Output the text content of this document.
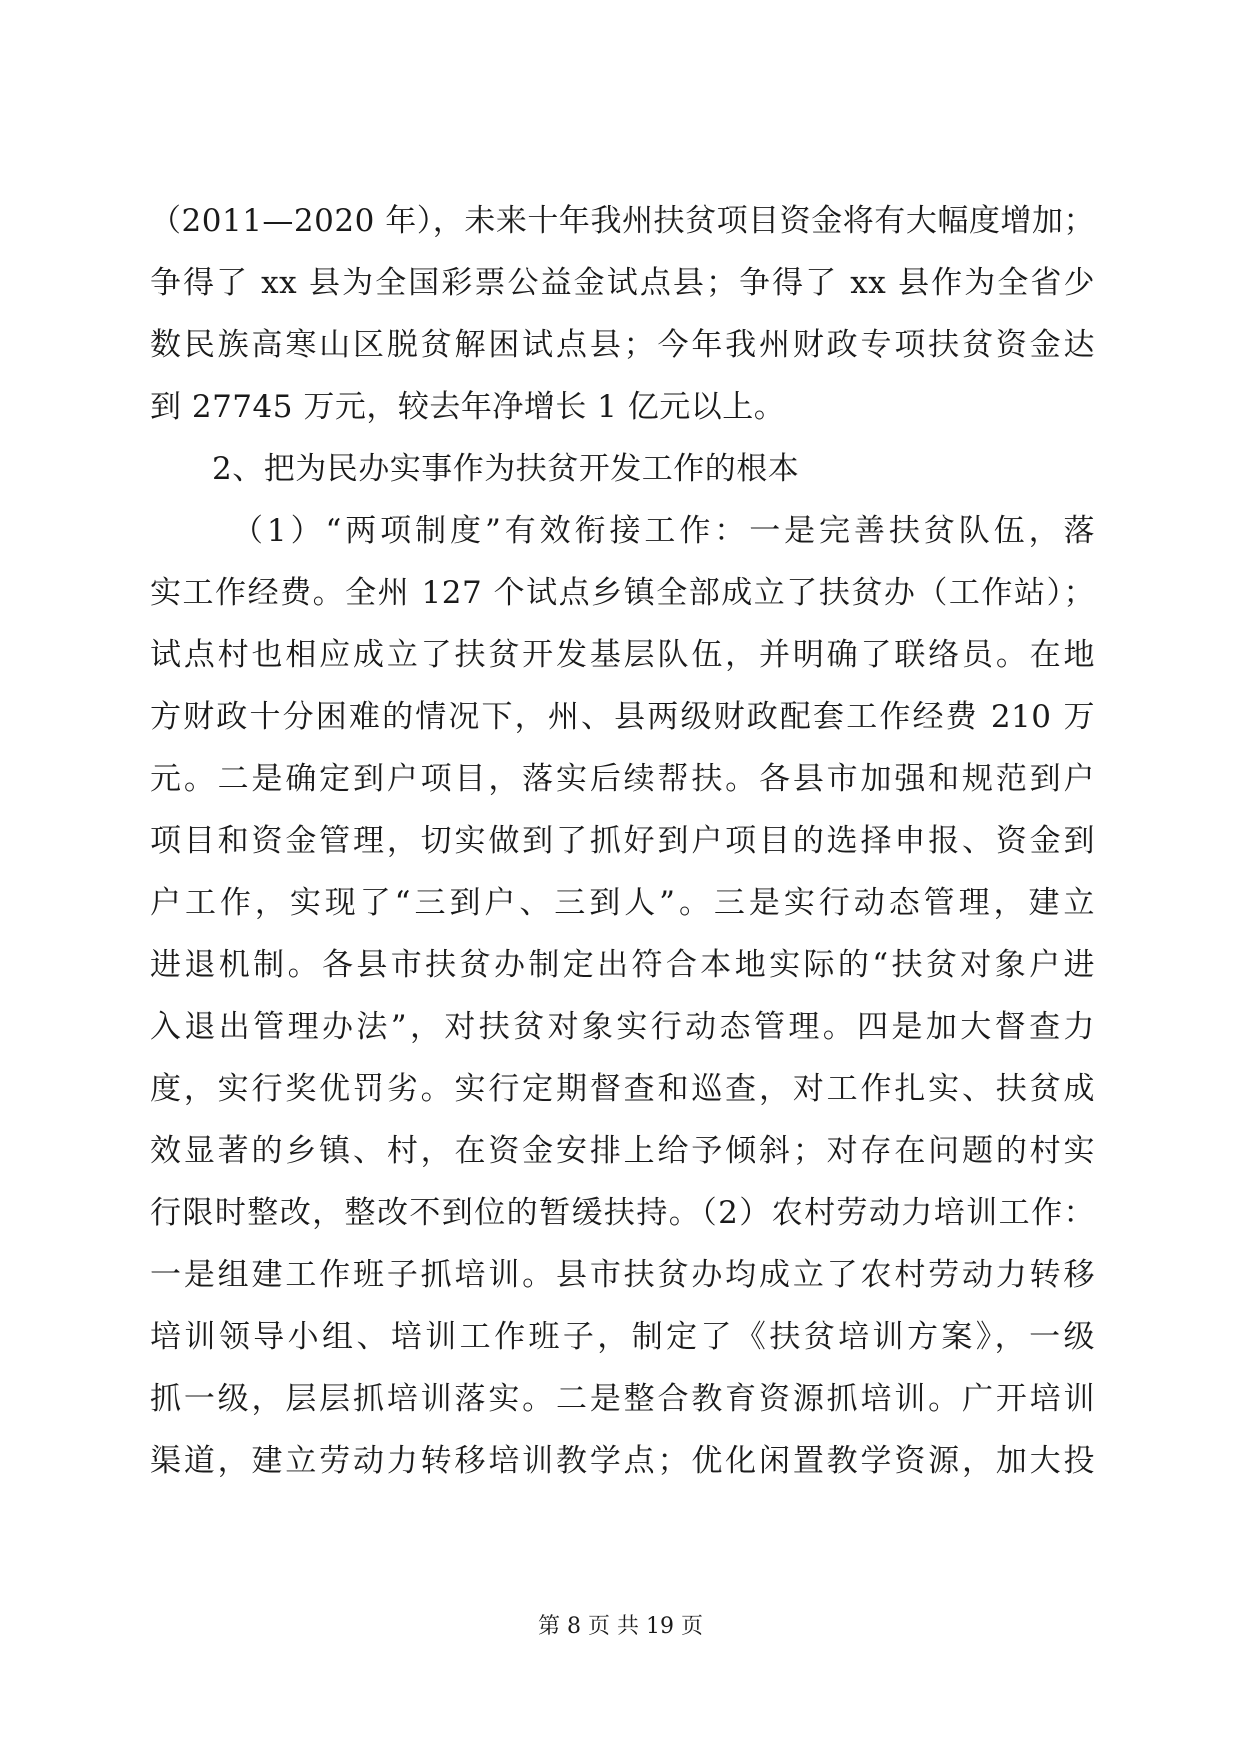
（2011—2020 年），未来十年我州扶贫项目资金将有大幅度增加；
争得了 xx 县为全国彩票公益金试点县；争得了 xx 县作为全省少
数民族高寒山区脱贫解困试点县；今年我州财政专项扶贫资金达
到 27745 万元，较去年净增长 1 亿元以上。
2、把为民办实事作为扶贫开发工作的根本
（1）“两项制度”有效衔接工作：一是完善扶贫队伍，落
实工作经费。全州 127 个试点乡镇全部成立了扶贫办（工作站）；
试点村也相应成立了扶贫开发基层队伍，并明确了联络员。在地
方财政十分困难的情况下，州、县两级财政配套工作经费 210 万
元。二是确定到户项目，落实后续帮扶。各县市加强和规范到户
项目和资金管理，切实做到了抓好到户项目的选择申报、资金到
户工作，实现了“三到户、三到人”。三是实行动态管理，建立
进退机制。各县市扶贫办制定出符合本地实际的“扶贫对象户进
入退出管理办法”，对扶贫对象实行动态管理。四是加大督查力
度，实行奖优罚劣。实行定期督查和巡查，对工作扎实、扶贫成
效显著的乡镇、村，在资金安排上给予倾斜；对存在问题的村实
行限时整改，整改不到位的暂缓扶持。（2）农村劳动力培训工作：
一是组建工作班子抓培训。县市扶贫办均成立了农村劳动力转移
培训领导小组、培训工作班子，制定了《扶贫培训方案》，一级
抓一级，层层抓培训落实。二是整合教育资源抓培训。广开培训
渠道，建立劳动力转移培训教学点；优化闲置教学资源，加大投
第 8 页 共 19 页
